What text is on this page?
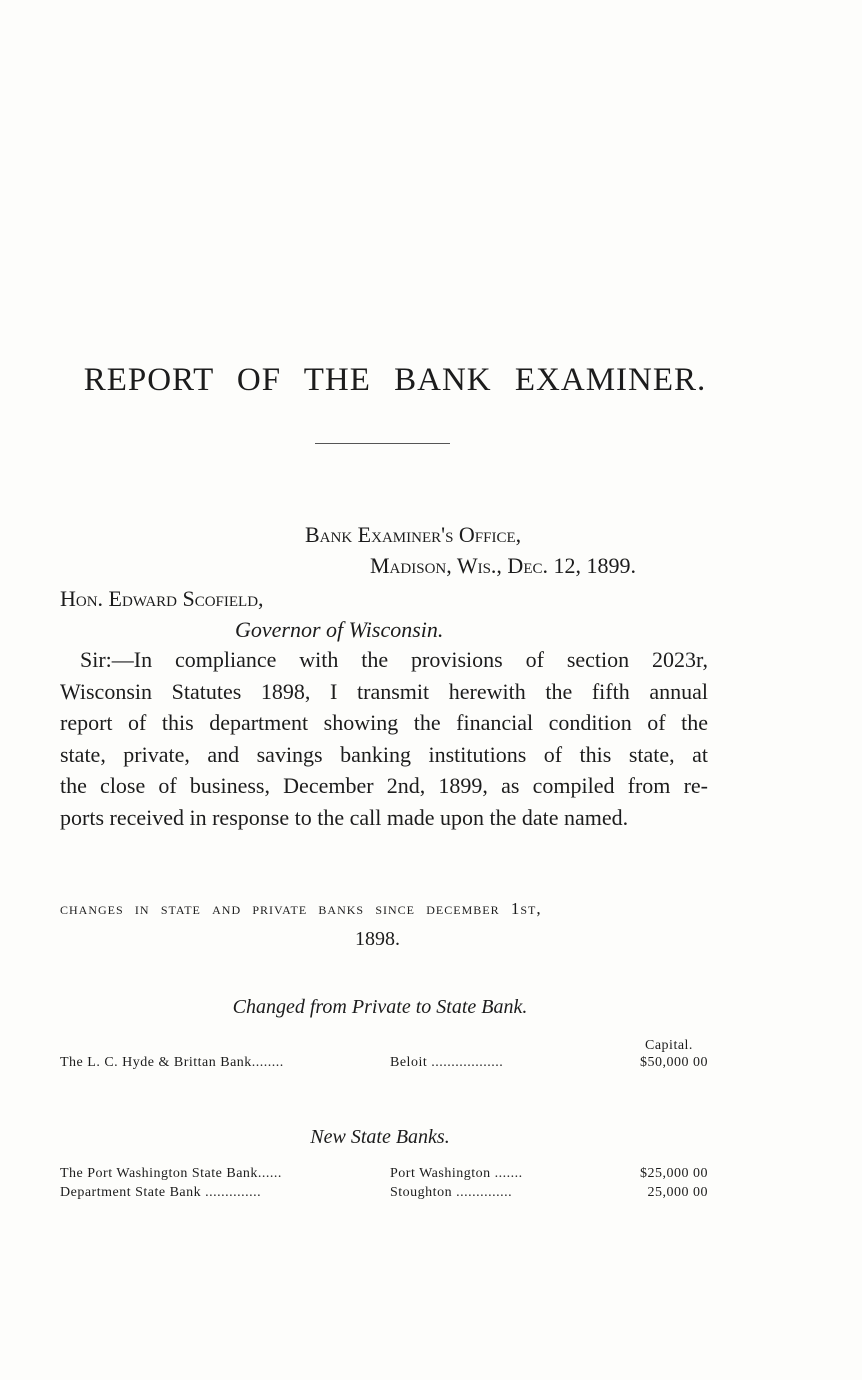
REPORT OF THE BANK EXAMINER.
Bank Examiner's Office,
Madison, Wis., Dec. 12, 1899.
Hon. Edward Scofield,
Governor of Wisconsin.
Sir:—In compliance with the provisions of section 2023r,
Wisconsin Statutes 1898, I transmit herewith the fifth annual
report of this department showing the financial condition of the
state, private, and savings banking institutions of this state, at
the close of business, December 2nd, 1899, as compiled from re-
ports received in response to the call made upon the date named.
changes in state and private banks since december 1st,
1898.
Changed from Private to State Bank.
Capital.
The L. C. Hyde & Brittan Bank........	Beloit ..................	$50,000 00
New State Banks.
The Port Washington State Bank......	Port Washington .......	$25,000 00
Department State Bank ..............	Stoughton ..............	25,000 00
